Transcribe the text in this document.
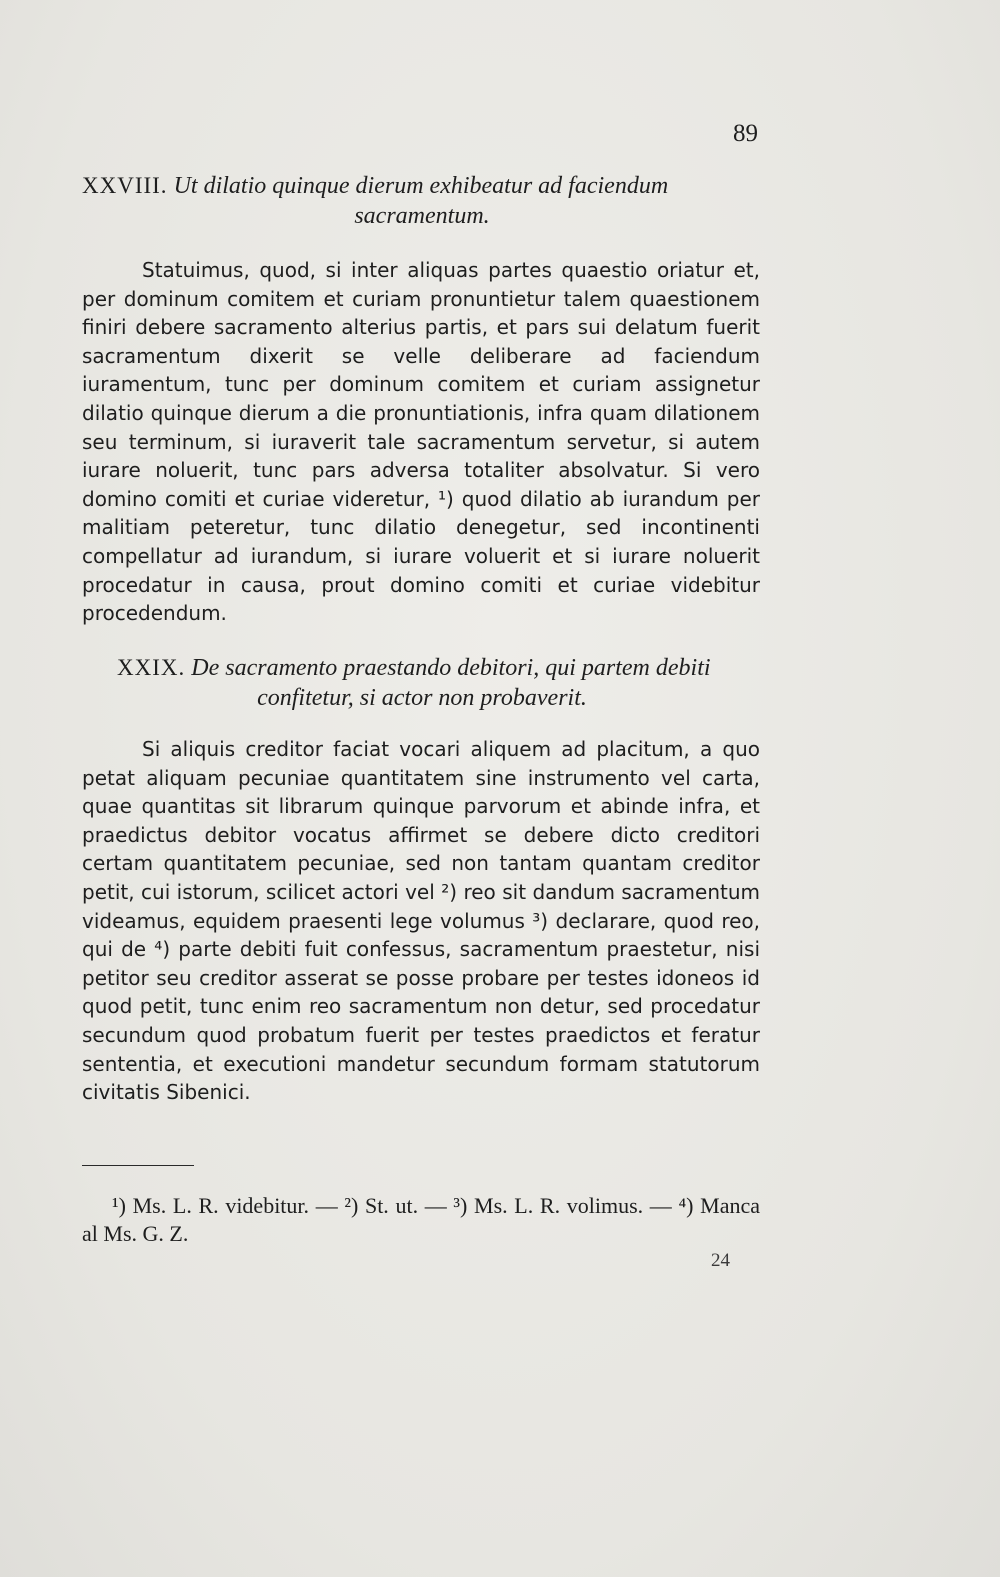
89
XXVIII. Ut dilatio quinque dierum exhibeatur ad faciendum
sacramentum.

Statuimus, quod, si inter aliquas partes quaestio oriatur et, per dominum comitem et curiam pronuntietur talem quaestionem finiri debere sacramento alterius partis, et pars sui delatum fuerit sacramentum dixerit se velle deliberare ad faciendum iuramentum, tunc per dominum comitem et curiam assignetur dilatio quinque dierum a die pronuntiationis, infra quam dilationem seu terminum, si iuraverit tale sacramentum servetur, si autem iurare noluerit, tunc pars adversa totaliter absolvatur. Si vero domino comiti et curiae videretur, ¹) quod dilatio ab iurandum per malitiam peteretur, tunc dilatio denegetur, sed incontinenti compellatur ad iurandum, si iurare voluerit et si iurare noluerit procedatur in causa, prout domino comiti et curiae videbitur procedendum.

XXIX. De sacramento praestando debitori, qui partem debiti
confitetur, si actor non probaverit.

Si aliquis creditor faciat vocari aliquem ad placitum, a quo petat aliquam pecuniae quantitatem sine instrumento vel carta, quae quantitas sit librarum quinque parvorum et abinde infra, et praedictus debitor vocatus affirmet se debere dicto creditori certam quantitatem pecuniae, sed non tantam quantam creditor petit, cui istorum, scilicet actori vel ²) reo sit dandum sacramentum videamus, equidem praesenti lege volumus ³) declarare, quod reo, qui de ⁴) parte debiti fuit confessus, sacramentum praestetur, nisi petitor seu creditor asserat se posse probare per testes idoneos id quod petit, tunc enim reo sacramentum non detur, sed procedatur secundum quod probatum fuerit per testes praedictos et feratur sententia, et executioni mandetur secundum formam statutorum civitatis Sibenici.

¹) Ms. L. R. videbitur. — ²) St. ut. — ³) Ms. L. R. volimus. — ⁴) Manca al Ms. G. Z.

24
